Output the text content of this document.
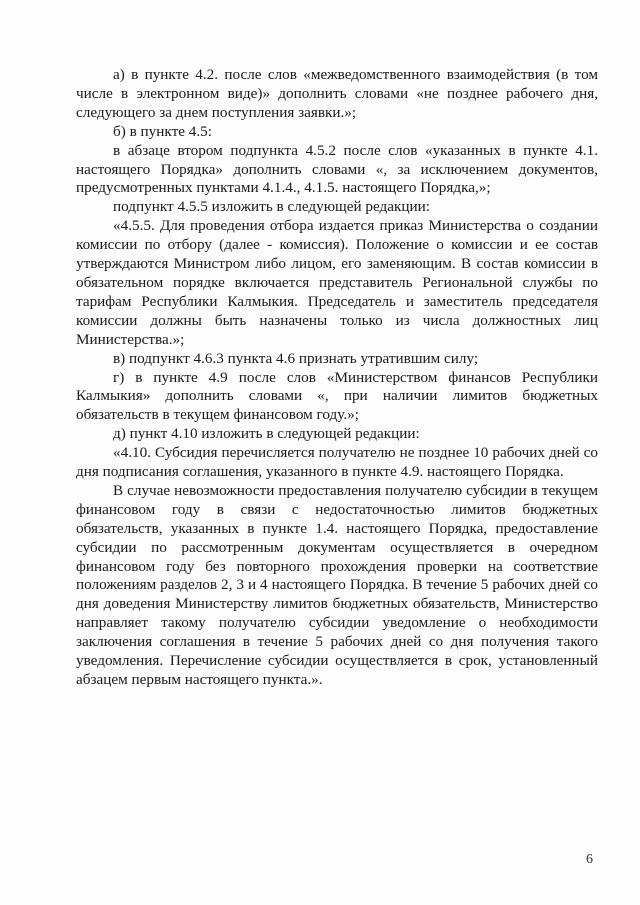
а) в пункте 4.2. после слов «межведомственного взаимодействия (в том числе в электронном виде)» дополнить словами «не позднее рабочего дня, следующего за днем поступления заявки.»;

б) в пункте 4.5:

в абзаце втором подпункта 4.5.2 после слов «указанных в пункте 4.1. настоящего Порядка» дополнить словами «, за исключением документов, предусмотренных пунктами 4.1.4., 4.1.5. настоящего Порядка,»;

подпункт 4.5.5 изложить в следующей редакции:

«4.5.5. Для проведения отбора издается приказ Министерства о создании комиссии по отбору (далее - комиссия). Положение о комиссии и ее состав утверждаются Министром либо лицом, его заменяющим. В состав комиссии в обязательном порядке включается представитель Региональной службы по тарифам Республики Калмыкия. Председатель и заместитель председателя комиссии должны быть назначены только из числа должностных лиц Министерства.»;

в) подпункт 4.6.3 пункта 4.6 признать утратившим силу;

г) в пункте 4.9 после слов «Министерством финансов Республики Калмыкия» дополнить словами «, при наличии лимитов бюджетных обязательств в текущем финансовом году.»;

д) пункт 4.10 изложить в следующей редакции:

«4.10. Субсидия перечисляется получателю не позднее 10 рабочих дней со дня подписания соглашения, указанного в пункте 4.9. настоящего Порядка.

В случае невозможности предоставления получателю субсидии в текущем финансовом году в связи с недостаточностью лимитов бюджетных обязательств, указанных в пункте 1.4. настоящего Порядка, предоставление субсидии по рассмотренным документам осуществляется в очередном финансовом году без повторного прохождения проверки на соответствие положениям разделов 2, 3 и 4 настоящего Порядка. В течение 5 рабочих дней со дня доведения Министерству лимитов бюджетных обязательств, Министерство направляет такому получателю субсидии уведомление о необходимости заключения соглашения в течение 5 рабочих дней со дня получения такого уведомления. Перечисление субсидии осуществляется в срок, установленный абзацем первым настоящего пункта.».

6
